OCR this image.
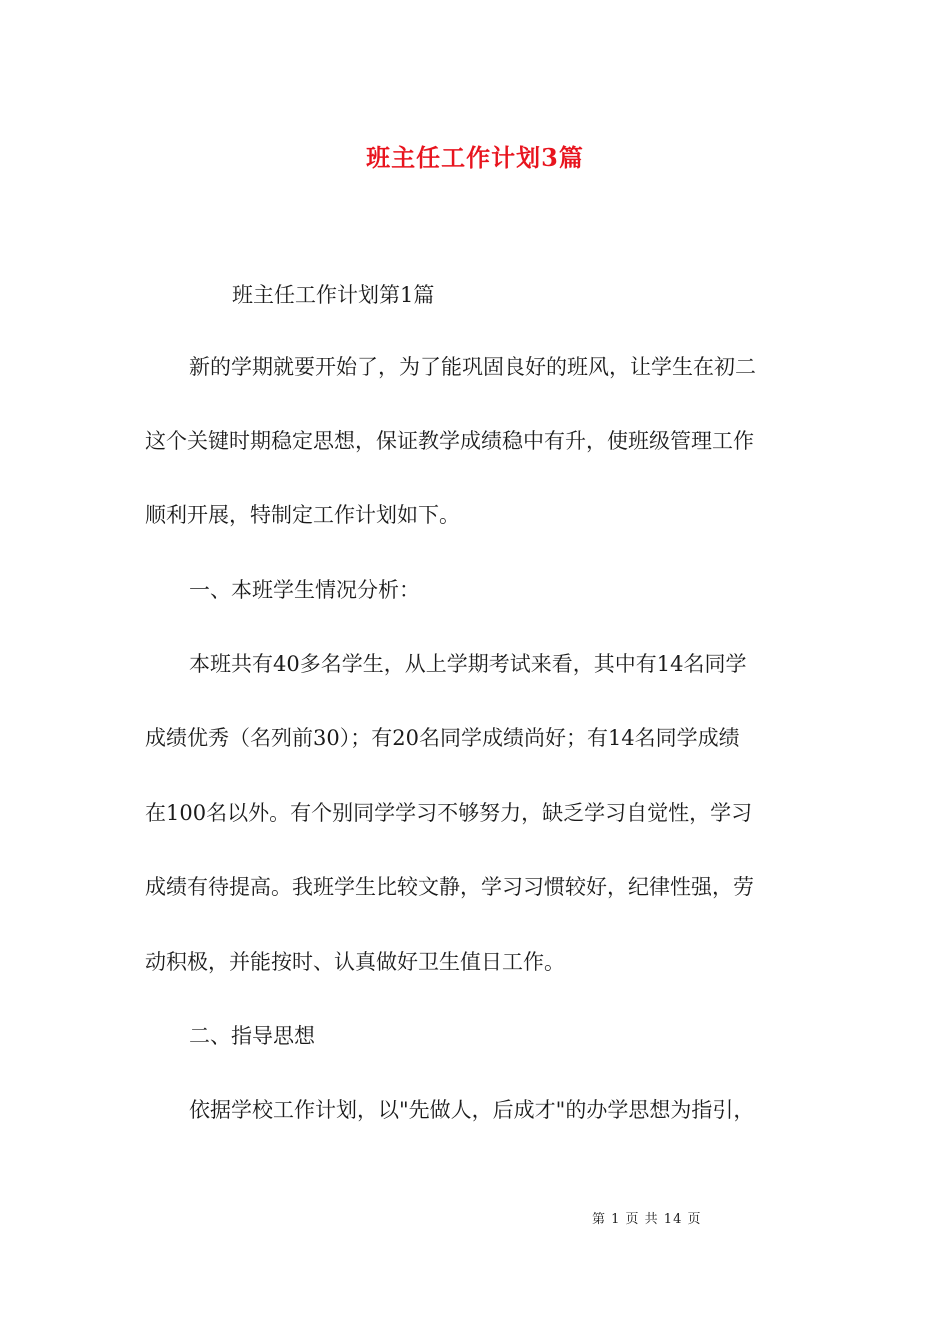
班主任工作计划3篇
班主任工作计划第1篇
新的学期就要开始了，为了能巩固良好的班风，让学生在初二
这个关键时期稳定思想，保证教学成绩稳中有升，使班级管理工作
顺利开展，特制定工作计划如下。
一、本班学生情况分析：
本班共有40多名学生，从上学期考试来看，其中有14名同学
成绩优秀（名列前30）；有20名同学成绩尚好；有14名同学成绩
在100名以外。有个别同学学习不够努力，缺乏学习自觉性，学习
成绩有待提高。我班学生比较文静，学习习惯较好，纪律性强，劳
动积极，并能按时、认真做好卫生值日工作。
二、指导思想
依据学校工作计划，以"先做人，后成才"的办学思想为指引，
第 1 页 共 14 页
